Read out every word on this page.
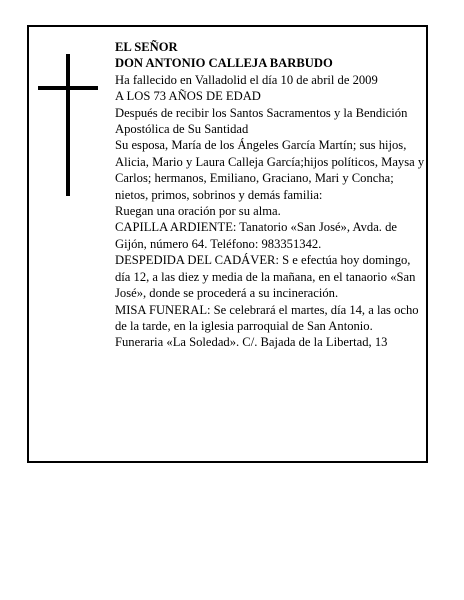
EL SEÑOR

DON ANTONIO CALLEJA BARBUDO

Ha fallecido en Valladolid el día 10 de abril de 2009

A LOS 73 AÑOS DE EDAD

Después de recibir los Santos Sacramentos y la Bendición Apostólica de Su Santidad

Su esposa, María de los Ángeles García Martín; sus hijos, Alicia, Mario y Laura Calleja García;hijos políticos, Maysa y Carlos; hermanos, Emiliano, Graciano, Mari y Concha; nietos, primos, sobrinos y demás familia:

Ruegan una oración por su alma.

CAPILLA ARDIENTE: Tanatorio «San José», Avda. de Gijón, número 64. Teléfono: 983351342.

DESPEDIDA DEL CADÁVER: S e efectúa hoy domingo, día 12, a las diez y media de la mañana, en el tanaorio «San José», donde se procederá a su incineración.

MISA FUNERAL: Se celebrará el martes, día 14, a las ocho de la tarde, en la iglesia parroquial de San Antonio.

Funeraria «La Soledad». C/. Bajada de la Libertad, 13
